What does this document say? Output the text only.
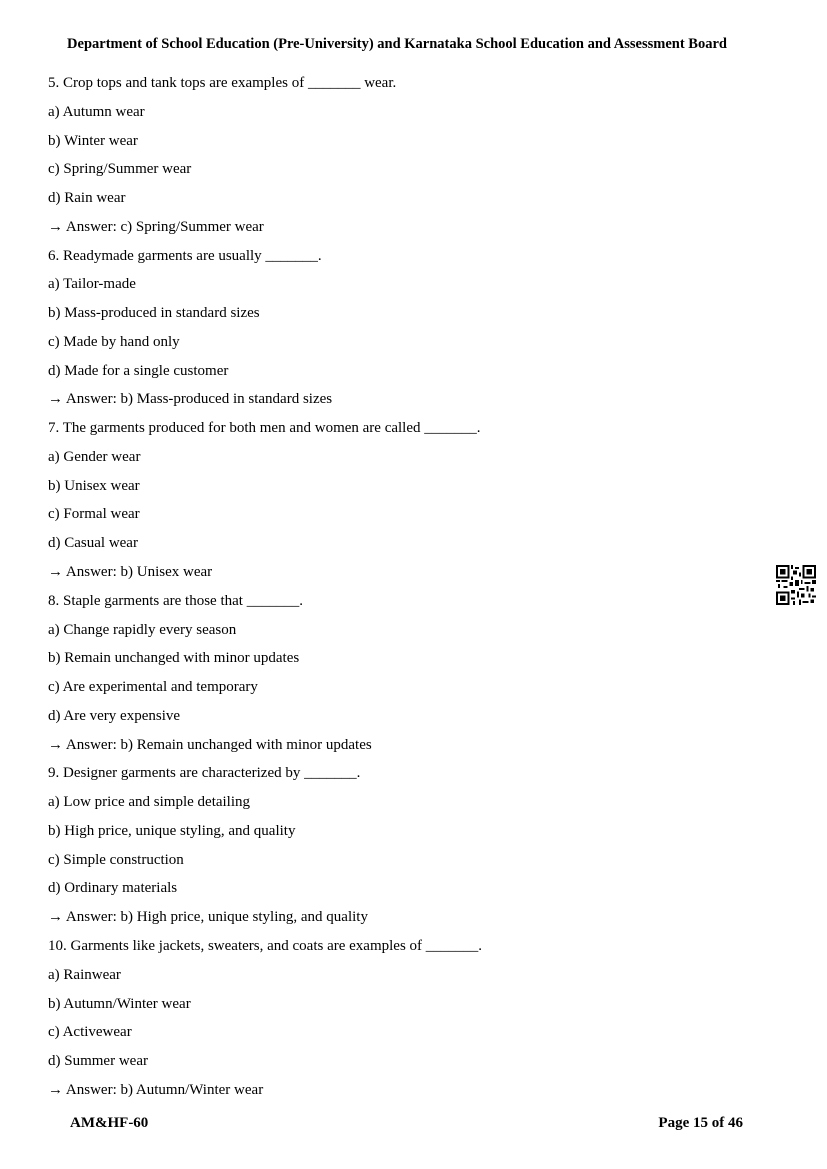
Department of School Education (Pre-University) and Karnataka School Education and Assessment Board
5. Crop tops and tank tops are examples of _______ wear.
a) Autumn wear
b) Winter wear
c) Spring/Summer wear
d) Rain wear
→ Answer: c) Spring/Summer wear
6. Readymade garments are usually _______.
a) Tailor-made
b) Mass-produced in standard sizes
c) Made by hand only
d) Made for a single customer
→ Answer: b) Mass-produced in standard sizes
7. The garments produced for both men and women are called _______.
a) Gender wear
b) Unisex wear
c) Formal wear
d) Casual wear
→ Answer: b) Unisex wear
8. Staple garments are those that _______.
a) Change rapidly every season
b) Remain unchanged with minor updates
c) Are experimental and temporary
d) Are very expensive
→ Answer: b) Remain unchanged with minor updates
9. Designer garments are characterized by _______.
a) Low price and simple detailing
b) High price, unique styling, and quality
c) Simple construction
d) Ordinary materials
→ Answer: b) High price, unique styling, and quality
10. Garments like jackets, sweaters, and coats are examples of _______.
a) Rainwear
b) Autumn/Winter wear
c) Activewear
d) Summer wear
→ Answer: b) Autumn/Winter wear
AM&HF-60	Page 15 of 46
